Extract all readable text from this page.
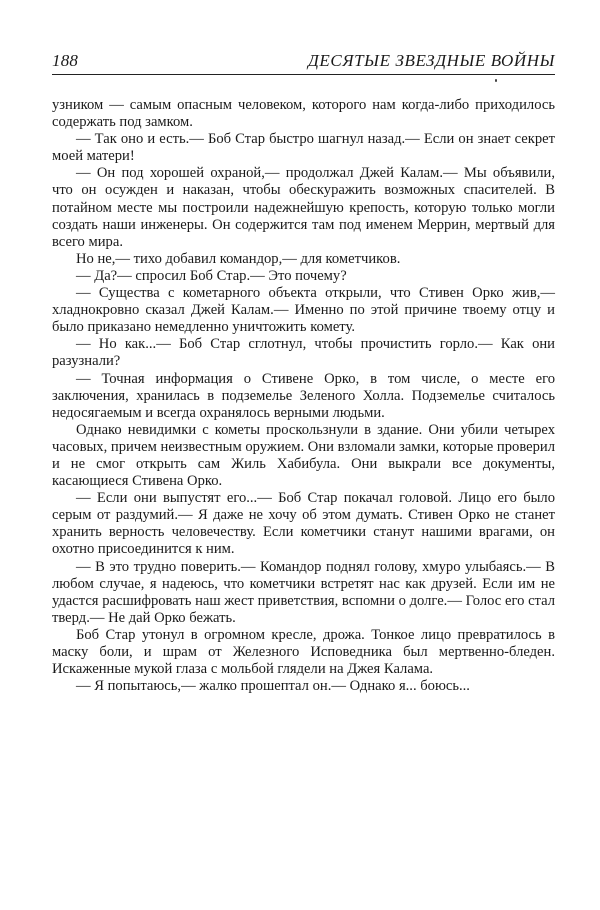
188	ДЕСЯТЫЕ ЗВЕЗДНЫЕ ВОЙНЫ

узником — самым опасным человеком, которого нам когда-либо приходилось содержать под замком.

— Так оно и есть.— Боб Стар быстро шагнул назад.— Если он знает секрет моей матери!

— Он под хорошей охраной,— продолжал Джей Калам.— Мы объявили, что он осужден и наказан, чтобы обескуражить возможных спасителей. В потайном месте мы построили надежнейшую крепость, которую только могли создать наши инженеры. Он содержится там под именем Меррин, мертвый для всего мира.

Но не,— тихо добавил командор,— для кометчиков.

— Да?— спросил Боб Стар.— Это почему?

— Существа с кометарного объекта открыли, что Стивен Орко жив,— хладнокровно сказал Джей Калам.— Именно по этой причине твоему отцу и было приказано немедленно уничтожить комету.

— Но как...— Боб Стар сглотнул, чтобы прочистить горло.— Как они разузнали?

— Точная информация о Стивене Орко, в том числе, о месте его заключения, хранилась в подземелье Зеленого Холла. Подземелье считалось недосягаемым и всегда охранялось верными людьми.

Однако невидимки с кометы проскользнули в здание. Они убили четырех часовых, причем неизвестным оружием. Они взломали замки, которые проверил и не смог открыть сам Жиль Хабибула. Они выкрали все документы, касающиеся Стивена Орко.

— Если они выпустят его...— Боб Стар покачал головой. Лицо его было серым от раздумий.— Я даже не хочу об этом думать. Стивен Орко не станет хранить верность человечеству. Если кометчики станут нашими врагами, он охотно присоединится к ним.

— В это трудно поверить.— Командор поднял голову, хмуро улыбаясь.— В любом случае, я надеюсь, что кометчики встретят нас как друзей. Если им не удастся расшифровать наш жест приветствия, вспомни о долге.— Голос его стал тверд.— Не дай Орко бежать.

Боб Стар утонул в огромном кресле, дрожа. Тонкое лицо превратилось в маску боли, и шрам от Железного Исповедника был мертвенно-бледен. Искаженные мукой глаза с мольбой глядели на Джея Калама.

— Я попытаюсь,— жалко прошептал он.— Однако я... боюсь...
